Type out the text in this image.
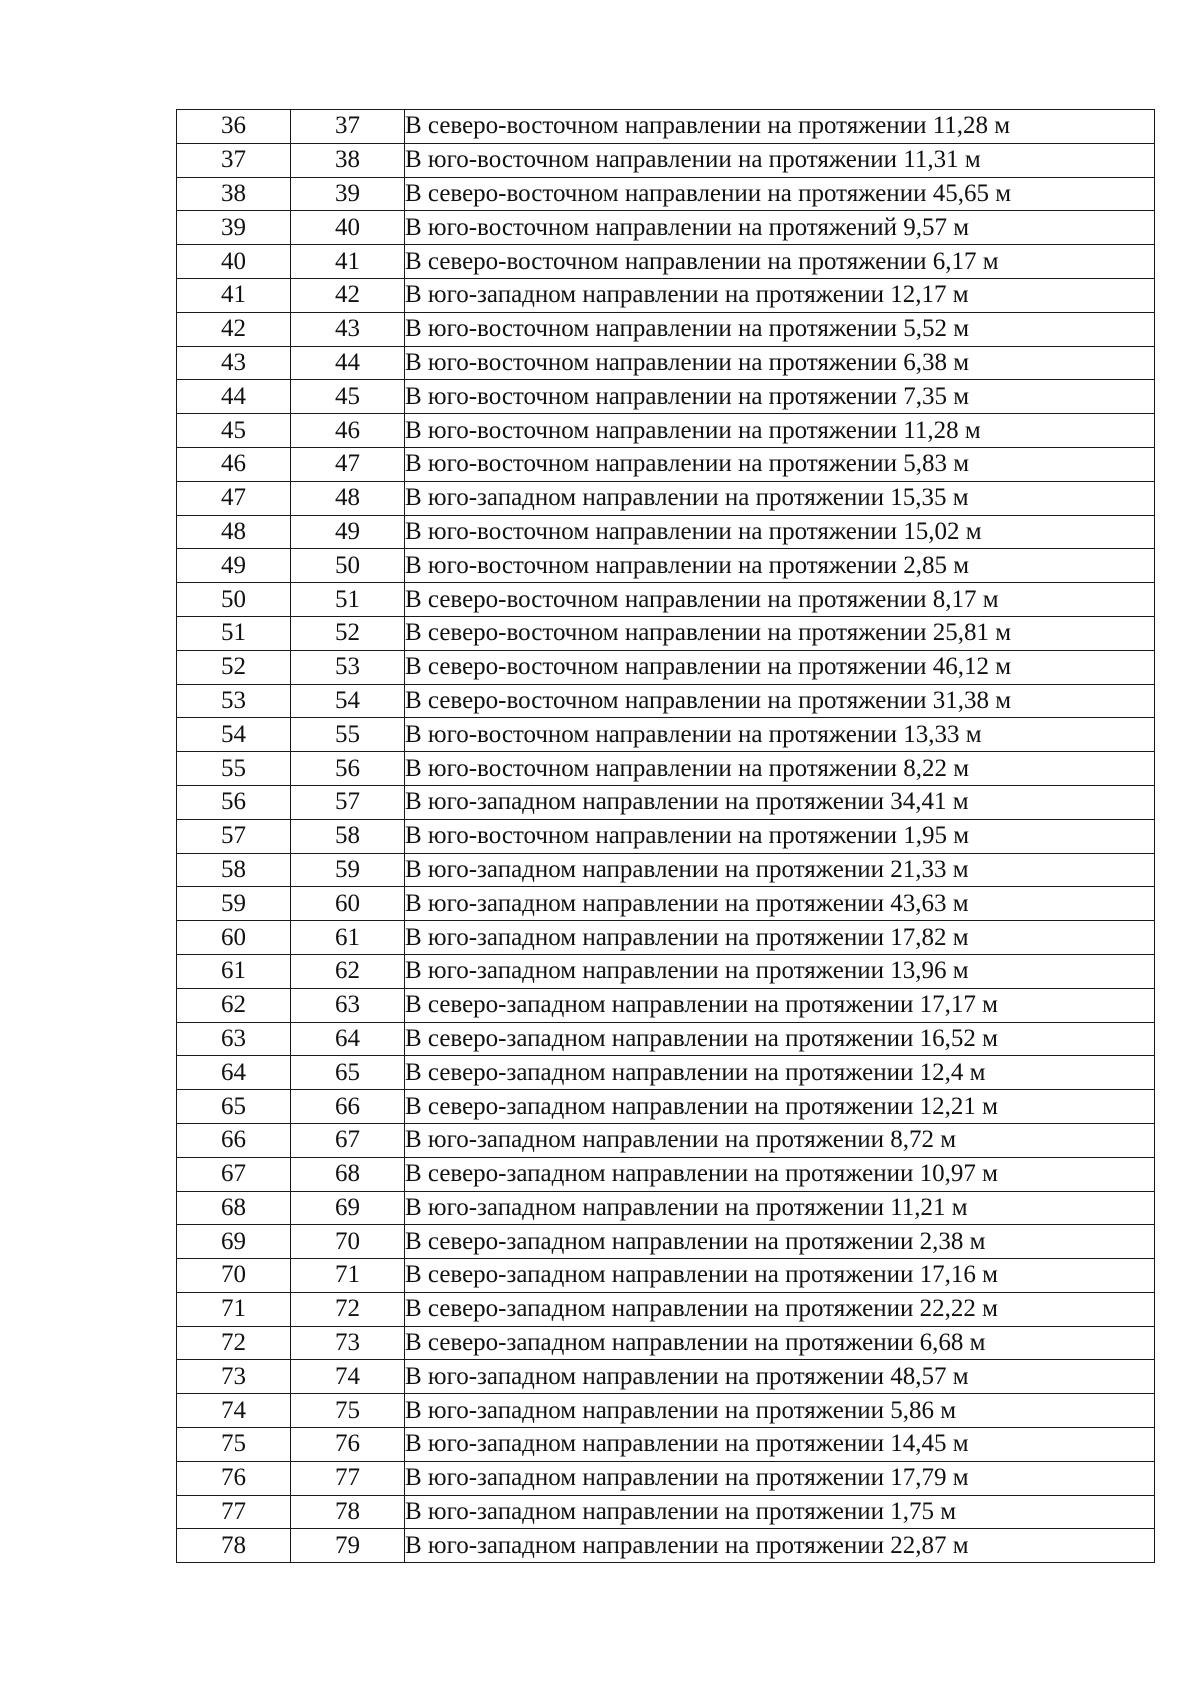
36	37	В северо-восточном направлении на протяжении 11,28 м
37	38	В юго-восточном направлении на протяжении 11,31 м
38	39	В северо-восточном направлении на протяжении 45,65 м
39	40	В юго-восточном направлении на протяжений 9,57 м
40	41	В северо-восточном направлении на протяжении 6,17 м
41	42	В юго-западном направлении на протяжении 12,17 м
42	43	В юго-восточном направлении на протяжении 5,52 м
43	44	В юго-восточном направлении на протяжении 6,38 м
44	45	В юго-восточном направлении на протяжении 7,35 м
45	46	В юго-восточном направлении на протяжении 11,28 м
46	47	В юго-восточном направлении на протяжении 5,83 м
47	48	В юго-западном направлении на протяжении 15,35 м
48	49	В юго-восточном направлении на протяжении 15,02 м
49	50	В юго-восточном направлении на протяжении 2,85 м
50	51	В северо-восточном направлении на протяжении 8,17 м
51	52	В северо-восточном направлении на протяжении 25,81 м
52	53	В северо-восточном направлении на протяжении 46,12 м
53	54	В северо-восточном направлении на протяжении 31,38 м
54	55	В юго-восточном направлении на протяжении 13,33 м
55	56	В юго-восточном направлении на протяжении 8,22 м
56	57	В юго-западном направлении на протяжении 34,41 м
57	58	В юго-восточном направлении на протяжении 1,95 м
58	59	В юго-западном направлении на протяжении 21,33 м
59	60	В юго-западном направлении на протяжении 43,63 м
60	61	В юго-западном направлении на протяжении 17,82 м
61	62	В юго-западном направлении на протяжении 13,96 м
62	63	В северо-западном направлении на протяжении 17,17 м
63	64	В северо-западном направлении на протяжении 16,52 м
64	65	В северо-западном направлении на протяжении 12,4 м
65	66	В северо-западном направлении на протяжении 12,21 м
66	67	В юго-западном направлении на протяжении 8,72 м
67	68	В северо-западном направлении на протяжении 10,97 м
68	69	В юго-западном направлении на протяжении 11,21 м
69	70	В северо-западном направлении на протяжении 2,38 м
70	71	В северо-западном направлении на протяжении 17,16 м
71	72	В северо-западном направлении на протяжении 22,22 м
72	73	В северо-западном направлении на протяжении 6,68 м
73	74	В юго-западном направлении на протяжении 48,57 м
74	75	В юго-западном направлении на протяжении 5,86 м
75	76	В юго-западном направлении на протяжении 14,45 м
76	77	В юго-западном направлении на протяжении 17,79 м
77	78	В юго-западном направлении на протяжении 1,75 м
78	79	В юго-западном направлении на протяжении 22,87 м
